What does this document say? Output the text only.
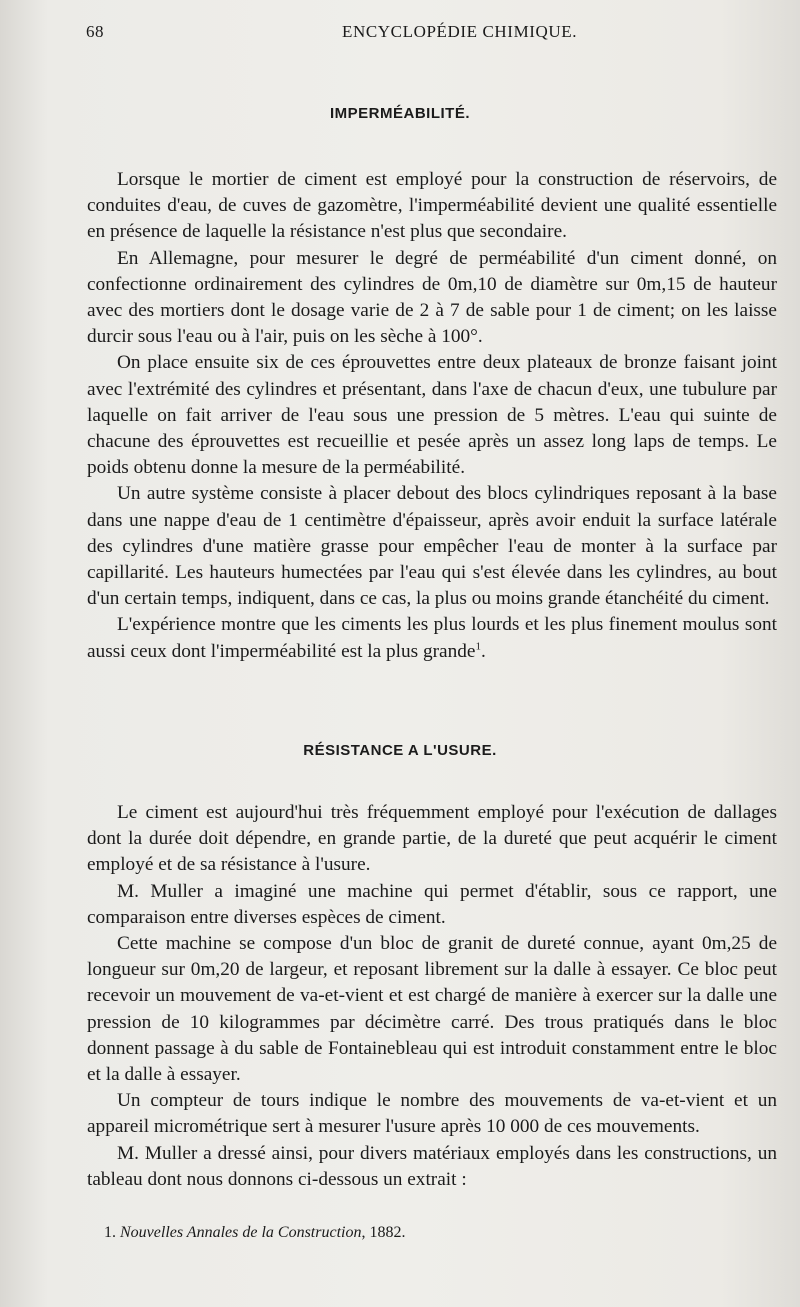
68	ENCYCLOPÉDIE CHIMIQUE.
IMPERMÉABILITÉ.

Lorsque le mortier de ciment est employé pour la construction de réservoirs, de conduites d'eau, de cuves de gazomètre, l'imperméabilité devient une qualité essentielle en présence de laquelle la résistance n'est plus que secondaire.

En Allemagne, pour mesurer le degré de perméabilité d'un ciment donné, on confectionne ordinairement des cylindres de 0m,10 de diamètre sur 0m,15 de hauteur avec des mortiers dont le dosage varie de 2 à 7 de sable pour 1 de ciment; on les laisse durcir sous l'eau ou à l'air, puis on les sèche à 100°.

On place ensuite six de ces éprouvettes entre deux plateaux de bronze faisant joint avec l'extrémité des cylindres et présentant, dans l'axe de chacun d'eux, une tubulure par laquelle on fait arriver de l'eau sous une pression de 5 mètres. L'eau qui suinte de chacune des éprouvettes est recueillie et pesée après un assez long laps de temps. Le poids obtenu donne la mesure de la perméabilité.

Un autre système consiste à placer debout des blocs cylindriques reposant à la base dans une nappe d'eau de 1 centimètre d'épaisseur, après avoir enduit la surface latérale des cylindres d'une matière grasse pour empêcher l'eau de monter à la surface par capillarité. Les hauteurs humectées par l'eau qui s'est élevée dans les cylindres, au bout d'un certain temps, indiquent, dans ce cas, la plus ou moins grande étanchéité du ciment.

L'expérience montre que les ciments les plus lourds et les plus finement moulus sont aussi ceux dont l'imperméabilité est la plus grande$^1$.

RÉSISTANCE A L'USURE.

Le ciment est aujourd'hui très fréquemment employé pour l'exécution de dallages dont la durée doit dépendre, en grande partie, de la dureté que peut acquérir le ciment employé et de sa résistance à l'usure.

M. Muller a imaginé une machine qui permet d'établir, sous ce rapport, une comparaison entre diverses espèces de ciment.

Cette machine se compose d'un bloc de granit de dureté connue, ayant 0m,25 de longueur sur 0m,20 de largeur, et reposant librement sur la dalle à essayer. Ce bloc peut recevoir un mouvement de va-et-vient et est chargé de manière à exercer sur la dalle une pression de 10 kilogrammes par décimètre carré. Des trous pratiqués dans le bloc donnent passage à du sable de Fontainebleau qui est introduit constamment entre le bloc et la dalle à essayer.

Un compteur de tours indique le nombre des mouvements de va-et-vient et un appareil micrométrique sert à mesurer l'usure après 10 000 de ces mouvements.

M. Muller a dressé ainsi, pour divers matériaux employés dans les constructions, un tableau dont nous donnons ci-dessous un extrait :

1. Nouvelles Annales de la Construction, 1882.
